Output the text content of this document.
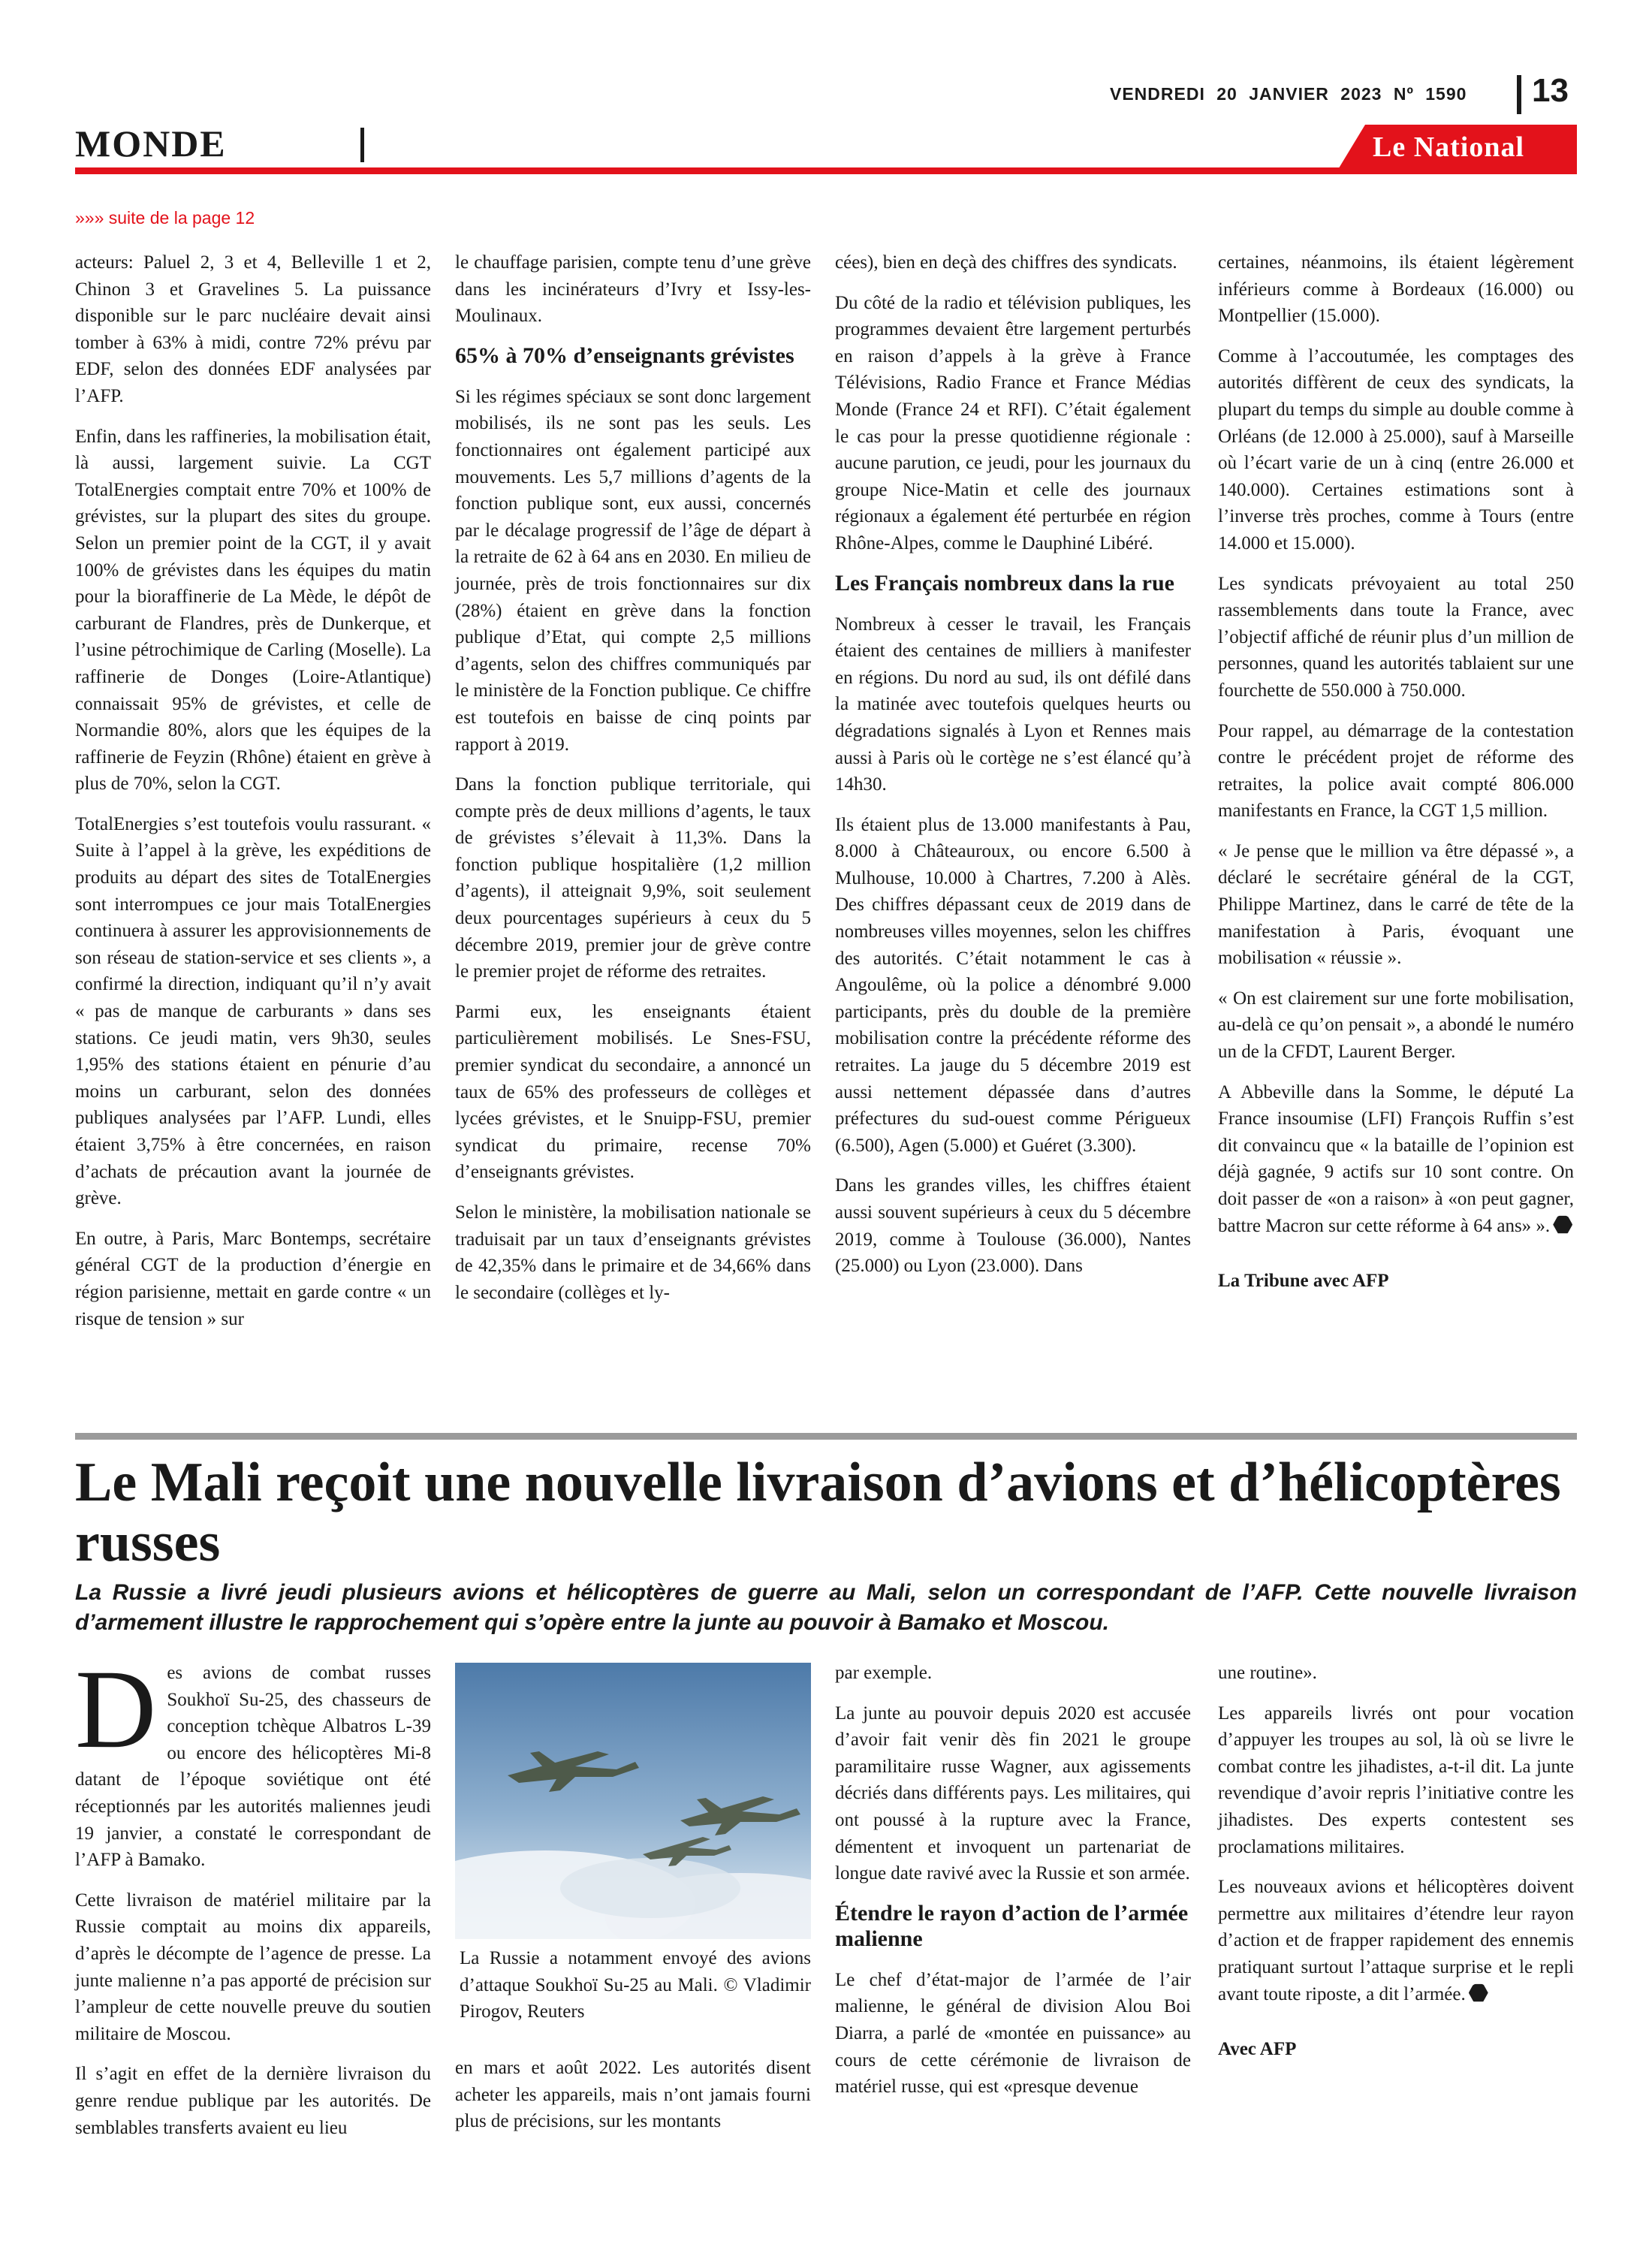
VENDREDI 20 JANVIER 2023 Nº 1590 13
MONDE	Le National
»»» suite de la page 12

acteurs: Paluel 2, 3 et 4, Belleville 1 et 2, Chinon 3 et Gravelines 5. La puissance disponible sur le parc nucléaire devait ainsi tomber à 63% à midi, contre 72% prévu par EDF, selon des données EDF analysées par l’AFP.

Enfin, dans les raffineries, la mobilisation était, là aussi, largement suivie. La CGT TotalEnergies comptait entre 70% et 100% de grévistes, sur la plupart des sites du groupe. Selon un premier point de la CGT, il y avait 100% de grévistes dans les équipes du matin pour la bioraffinerie de La Mède, le dépôt de carburant de Flandres, près de Dunkerque, et l’usine pétrochimique de Carling (Moselle). La raffinerie de Donges (Loire-Atlantique) connaissait 95% de grévistes, et celle de Normandie 80%, alors que les équipes de la raffinerie de Feyzin (Rhône) étaient en grève à plus de 70%, selon la CGT.

TotalEnergies s’est toutefois voulu rassurant. « Suite à l’appel à la grève, les expéditions de produits au départ des sites de TotalEnergies sont interrompues ce jour mais TotalEnergies continuera à assurer les approvisionnements de son réseau de station-service et ses clients », a confirmé la direction, indiquant qu’il n’y avait « pas de manque de carburants » dans ses stations. Ce jeudi matin, vers 9h30, seules 1,95% des stations étaient en pénurie d’au moins un carburant, selon des données publiques analysées par l’AFP. Lundi, elles étaient 3,75% à être concernées, en raison d’achats de précaution avant la journée de grève.

En outre, à Paris, Marc Bontemps, secrétaire général CGT de la production d’énergie en région parisienne, mettait en garde contre « un risque de tension » sur

le chauffage parisien, compte tenu d’une grève dans les incinérateurs d’Ivry et Issy-les-Moulinaux.

65% à 70% d’enseignants grévistes

Si les régimes spéciaux se sont donc largement mobilisés, ils ne sont pas les seuls. Les fonctionnaires ont également participé aux mouvements. Les 5,7 millions d’agents de la fonction publique sont, eux aussi, concernés par le décalage progressif de l’âge de départ à la retraite de 62 à 64 ans en 2030. En milieu de journée, près de trois fonctionnaires sur dix (28%) étaient en grève dans la fonction publique d’Etat, qui compte 2,5 millions d’agents, selon des chiffres communiqués par le ministère de la Fonction publique. Ce chiffre est toutefois en baisse de cinq points par rapport à 2019.

Dans la fonction publique territoriale, qui compte près de deux millions d’agents, le taux de grévistes s’élevait à 11,3%. Dans la fonction publique hospitalière (1,2 million d’agents), il atteignait 9,9%, soit seulement deux pourcentages supérieurs à ceux du 5 décembre 2019, premier jour de grève contre le premier projet de réforme des retraites.

Parmi eux, les enseignants étaient particulièrement mobilisés. Le Snes-FSU, premier syndicat du secondaire, a annoncé un taux de 65% des professeurs de collèges et lycées grévistes, et le Snuipp-FSU, premier syndicat du primaire, recense 70% d’enseignants grévistes.

Selon le ministère, la mobilisation nationale se traduisait par un taux d’enseignants grévistes de 42,35% dans le primaire et de 34,66% dans le secondaire (collèges et ly-

cées), bien en deçà des chiffres des syndicats.

Du côté de la radio et télévision publiques, les programmes devaient être largement perturbés en raison d’appels à la grève à France Télévisions, Radio France et France Médias Monde (France 24 et RFI). C’était également le cas pour la presse quotidienne régionale : aucune parution, ce jeudi, pour les journaux du groupe Nice-Matin et celle des journaux régionaux a également été perturbée en région Rhône-Alpes, comme le Dauphiné Libéré.

Les Français nombreux dans la rue

Nombreux à cesser le travail, les Français étaient des centaines de milliers à manifester en régions. Du nord au sud, ils ont défilé dans la matinée avec toutefois quelques heurts ou dégradations signalés à Lyon et Rennes mais aussi à Paris où le cortège ne s’est élancé qu’à 14h30.

Ils étaient plus de 13.000 manifestants à Pau, 8.000 à Châteauroux, ou encore 6.500 à Mulhouse, 10.000 à Chartres, 7.200 à Alès. Des chiffres dépassant ceux de 2019 dans de nombreuses villes moyennes, selon les chiffres des autorités. C’était notamment le cas à Angoulême, où la police a dénombré 9.000 participants, près du double de la première mobilisation contre la précédente réforme des retraites. La jauge du 5 décembre 2019 est aussi nettement dépassée dans d’autres préfectures du sud-ouest comme Périgueux (6.500), Agen (5.000) et Guéret (3.300).

Dans les grandes villes, les chiffres étaient aussi souvent supérieurs à ceux du 5 décembre 2019, comme à Toulouse (36.000), Nantes (25.000) ou Lyon (23.000). Dans

certaines, néanmoins, ils étaient légèrement inférieurs comme à Bordeaux (16.000) ou Montpellier (15.000).

Comme à l’accoutumée, les comptages des autorités diffèrent de ceux des syndicats, la plupart du temps du simple au double comme à Orléans (de 12.000 à 25.000), sauf à Marseille où l’écart varie de un à cinq (entre 26.000 et 140.000). Certaines estimations sont à l’inverse très proches, comme à Tours (entre 14.000 et 15.000).

Les syndicats prévoyaient au total 250 rassemblements dans toute la France, avec l’objectif affiché de réunir plus d’un million de personnes, quand les autorités tablaient sur une fourchette de 550.000 à 750.000.

Pour rappel, au démarrage de la contestation contre le précédent projet de réforme des retraites, la police avait compté 806.000 manifestants en France, la CGT 1,5 million.

« Je pense que le million va être dépassé », a déclaré le secrétaire général de la CGT, Philippe Martinez, dans le carré de tête de la manifestation à Paris, évoquant une mobilisation « réussie ».

« On est clairement sur une forte mobilisation, au-delà ce qu’on pensait », a abondé le numéro un de la CFDT, Laurent Berger.

A Abbeville dans la Somme, le député La France insoumise (LFI) François Ruffin s’est dit convaincu que « la bataille de l’opinion est déjà gagnée, 9 actifs sur 10 sont contre. On doit passer de «on a raison» à «on peut gagner, battre Macron sur cette réforme à 64 ans» ».

La Tribune avec AFP

Le Mali reçoit une nouvelle livraison d’avions et d’hélicoptères russes
La Russie a livré jeudi plusieurs avions et hélicoptères de guerre au Mali, selon un correspondant de l’AFP. Cette nouvelle livraison d’armement illustre le rapprochement qui s’opère entre la junte au pouvoir à Bamako et Moscou.

Des avions de combat russes Soukhoï Su-25, des chasseurs de conception tchèque Albatros L-39 ou encore des hélicoptères Mi-8 datant de l’époque soviétique ont été réceptionnés par les autorités maliennes jeudi 19 janvier, a constaté le correspondant de l’AFP à Bamako.

Cette livraison de matériel militaire par la Russie comptait au moins dix appareils, d’après le décompte de l’agence de presse. La junte malienne n’a pas apporté de précision sur l’ampleur de cette nouvelle preuve du soutien militaire de Moscou.

Il s’agit en effet de la dernière livraison du genre rendue publique par les autorités. De semblables transferts avaient eu lieu

La Russie a notamment envoyé des avions d’attaque Soukhoï Su-25 au Mali. © Vladimir Pirogov, Reuters

en mars et août 2022. Les autorités disent acheter les appareils, mais n’ont jamais fourni plus de précisions, sur les montants

par exemple.

La junte au pouvoir depuis 2020 est accusée d’avoir fait venir dès fin 2021 le groupe paramilitaire russe Wagner, aux agissements décriés dans différents pays. Les militaires, qui ont poussé à la rupture avec la France, démentent et invoquent un partenariat de longue date ravivé avec la Russie et son armée.

Étendre le rayon d’action de l’armée malienne

Le chef d’état-major de l’armée de l’air malienne, le général de division Alou Boi Diarra, a parlé de «montée en puissance» au cours de cette cérémonie de livraison de matériel russe, qui est «presque devenue

une routine».

Les appareils livrés ont pour vocation d’appuyer les troupes au sol, là où se livre le combat contre les jihadistes, a-t-il dit. La junte revendique d’avoir repris l’initiative contre les jihadistes. Des experts contestent ses proclamations militaires.

Les nouveaux avions et hélicoptères doivent permettre aux militaires d’étendre leur rayon d’action et de frapper rapidement des ennemis pratiquant surtout l’attaque surprise et le repli avant toute riposte, a dit l’armée.

Avec AFP
